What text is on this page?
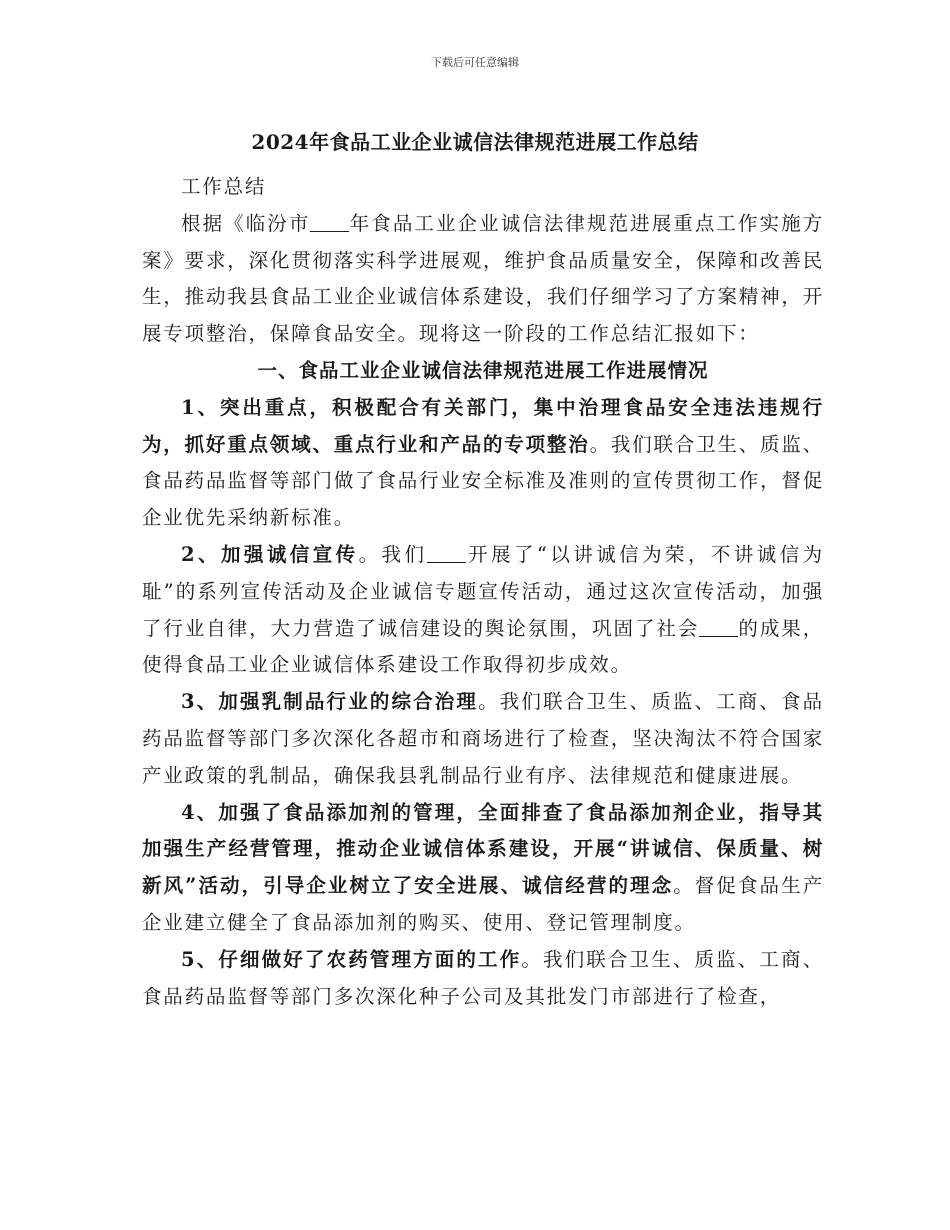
下载后可任意编辑
2024年食品工业企业诚信法律规范进展工作总结

工作总结

根据《临汾市 年食品工业企业诚信法律规范进展重点工作实施方案》要求，深化贯彻落实科学进展观，维护食品质量安全，保障和改善民生，推动我县食品工业企业诚信体系建设，我们仔细学习了方案精神，开展专项整治，保障食品安全。现将这一阶段的工作总结汇报如下：

一、食品工业企业诚信法律规范进展工作进展情况

1、突出重点，积极配合有关部门，集中治理食品安全违法违规行为，抓好重点领域、重点行业和产品的专项整治。我们联合卫生、质监、食品药品监督等部门做了食品行业安全标准及准则的宣传贯彻工作，督促企业优先采纳新标准。

2、加强诚信宣传。我们 开展了“以讲诚信为荣，不讲诚信为耻”的系列宣传活动及企业诚信专题宣传活动，通过这次宣传活动，加强了行业自律，大力营造了诚信建设的舆论氛围，巩固了社会 的成果，使得食品工业企业诚信体系建设工作取得初步成效。

3、加强乳制品行业的综合治理。我们联合卫生、质监、工商、食品药品监督等部门多次深化各超市和商场进行了检查，坚决淘汰不符合国家产业政策的乳制品，确保我县乳制品行业有序、法律规范和健康进展。

4、加强了食品添加剂的管理，全面排查了食品添加剂企业，指导其加强生产经营管理，推动企业诚信体系建设，开展“讲诚信、保质量、树新风”活动，引导企业树立了安全进展、诚信经营的理念。督促食品生产企业建立健全了食品添加剂的购买、使用、登记管理制度。

5、仔细做好了农药管理方面的工作。我们联合卫生、质监、工商、食品药品监督等部门多次深化种子公司及其批发门市部进行了检查，
